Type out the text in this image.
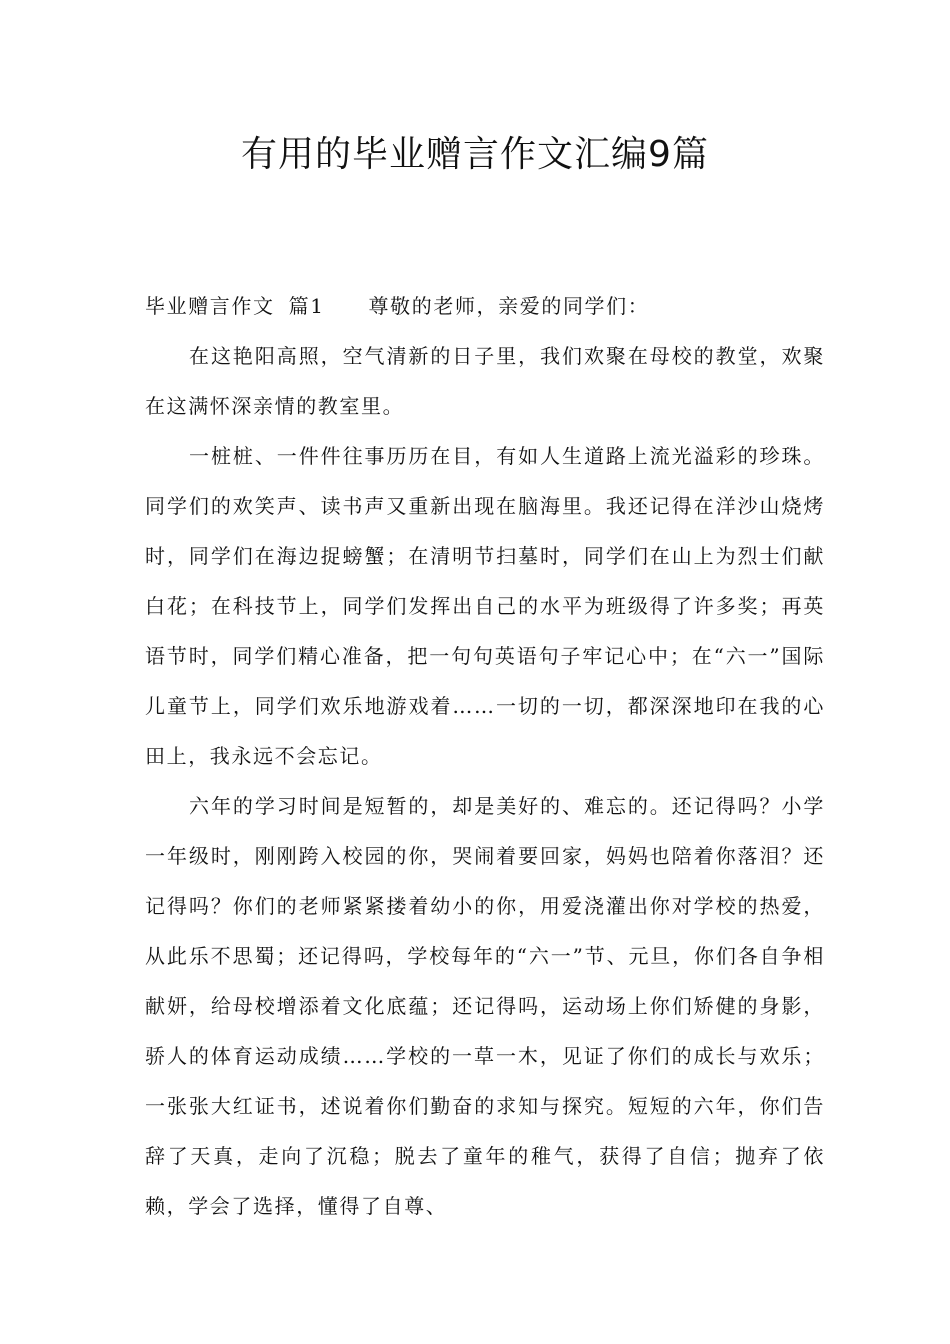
有用的毕业赠言作文汇编9篇

毕业赠言作文 篇1 尊敬的老师，亲爱的同学们：

在这艳阳高照，空气清新的日子里，我们欢聚在母校的教堂，欢聚在这满怀深亲情的教室里。

一桩桩、一件件往事历历在目，有如人生道路上流光溢彩的珍珠。同学们的欢笑声、读书声又重新出现在脑海里。我还记得在洋沙山烧烤时，同学们在海边捉螃蟹；在清明节扫墓时，同学们在山上为烈士们献白花；在科技节上，同学们发挥出自己的水平为班级得了许多奖；再英语节时，同学们精心准备，把一句句英语句子牢记心中；在“六一”国际儿童节上，同学们欢乐地游戏着……一切的一切，都深深地印在我的心田上，我永远不会忘记。

六年的学习时间是短暂的，却是美好的、难忘的。还记得吗？小学一年级时，刚刚跨入校园的你，哭闹着要回家，妈妈也陪着你落泪？还记得吗？你们的老师紧紧搂着幼小的你，用爱浇灌出你对学校的热爱，从此乐不思蜀；还记得吗，学校每年的“六一”节、元旦，你们各自争相献妍，给母校增添着文化底蕴；还记得吗，运动场上你们矫健的身影，骄人的体育运动成绩……学校的一草一木，见证了你们的成长与欢乐；一张张大红证书，述说着你们勤奋的求知与探究。短短的六年，你们告辞了天真，走向了沉稳；脱去了童年的稚气，获得了自信；抛弃了依赖，学会了选择，懂得了自尊、
